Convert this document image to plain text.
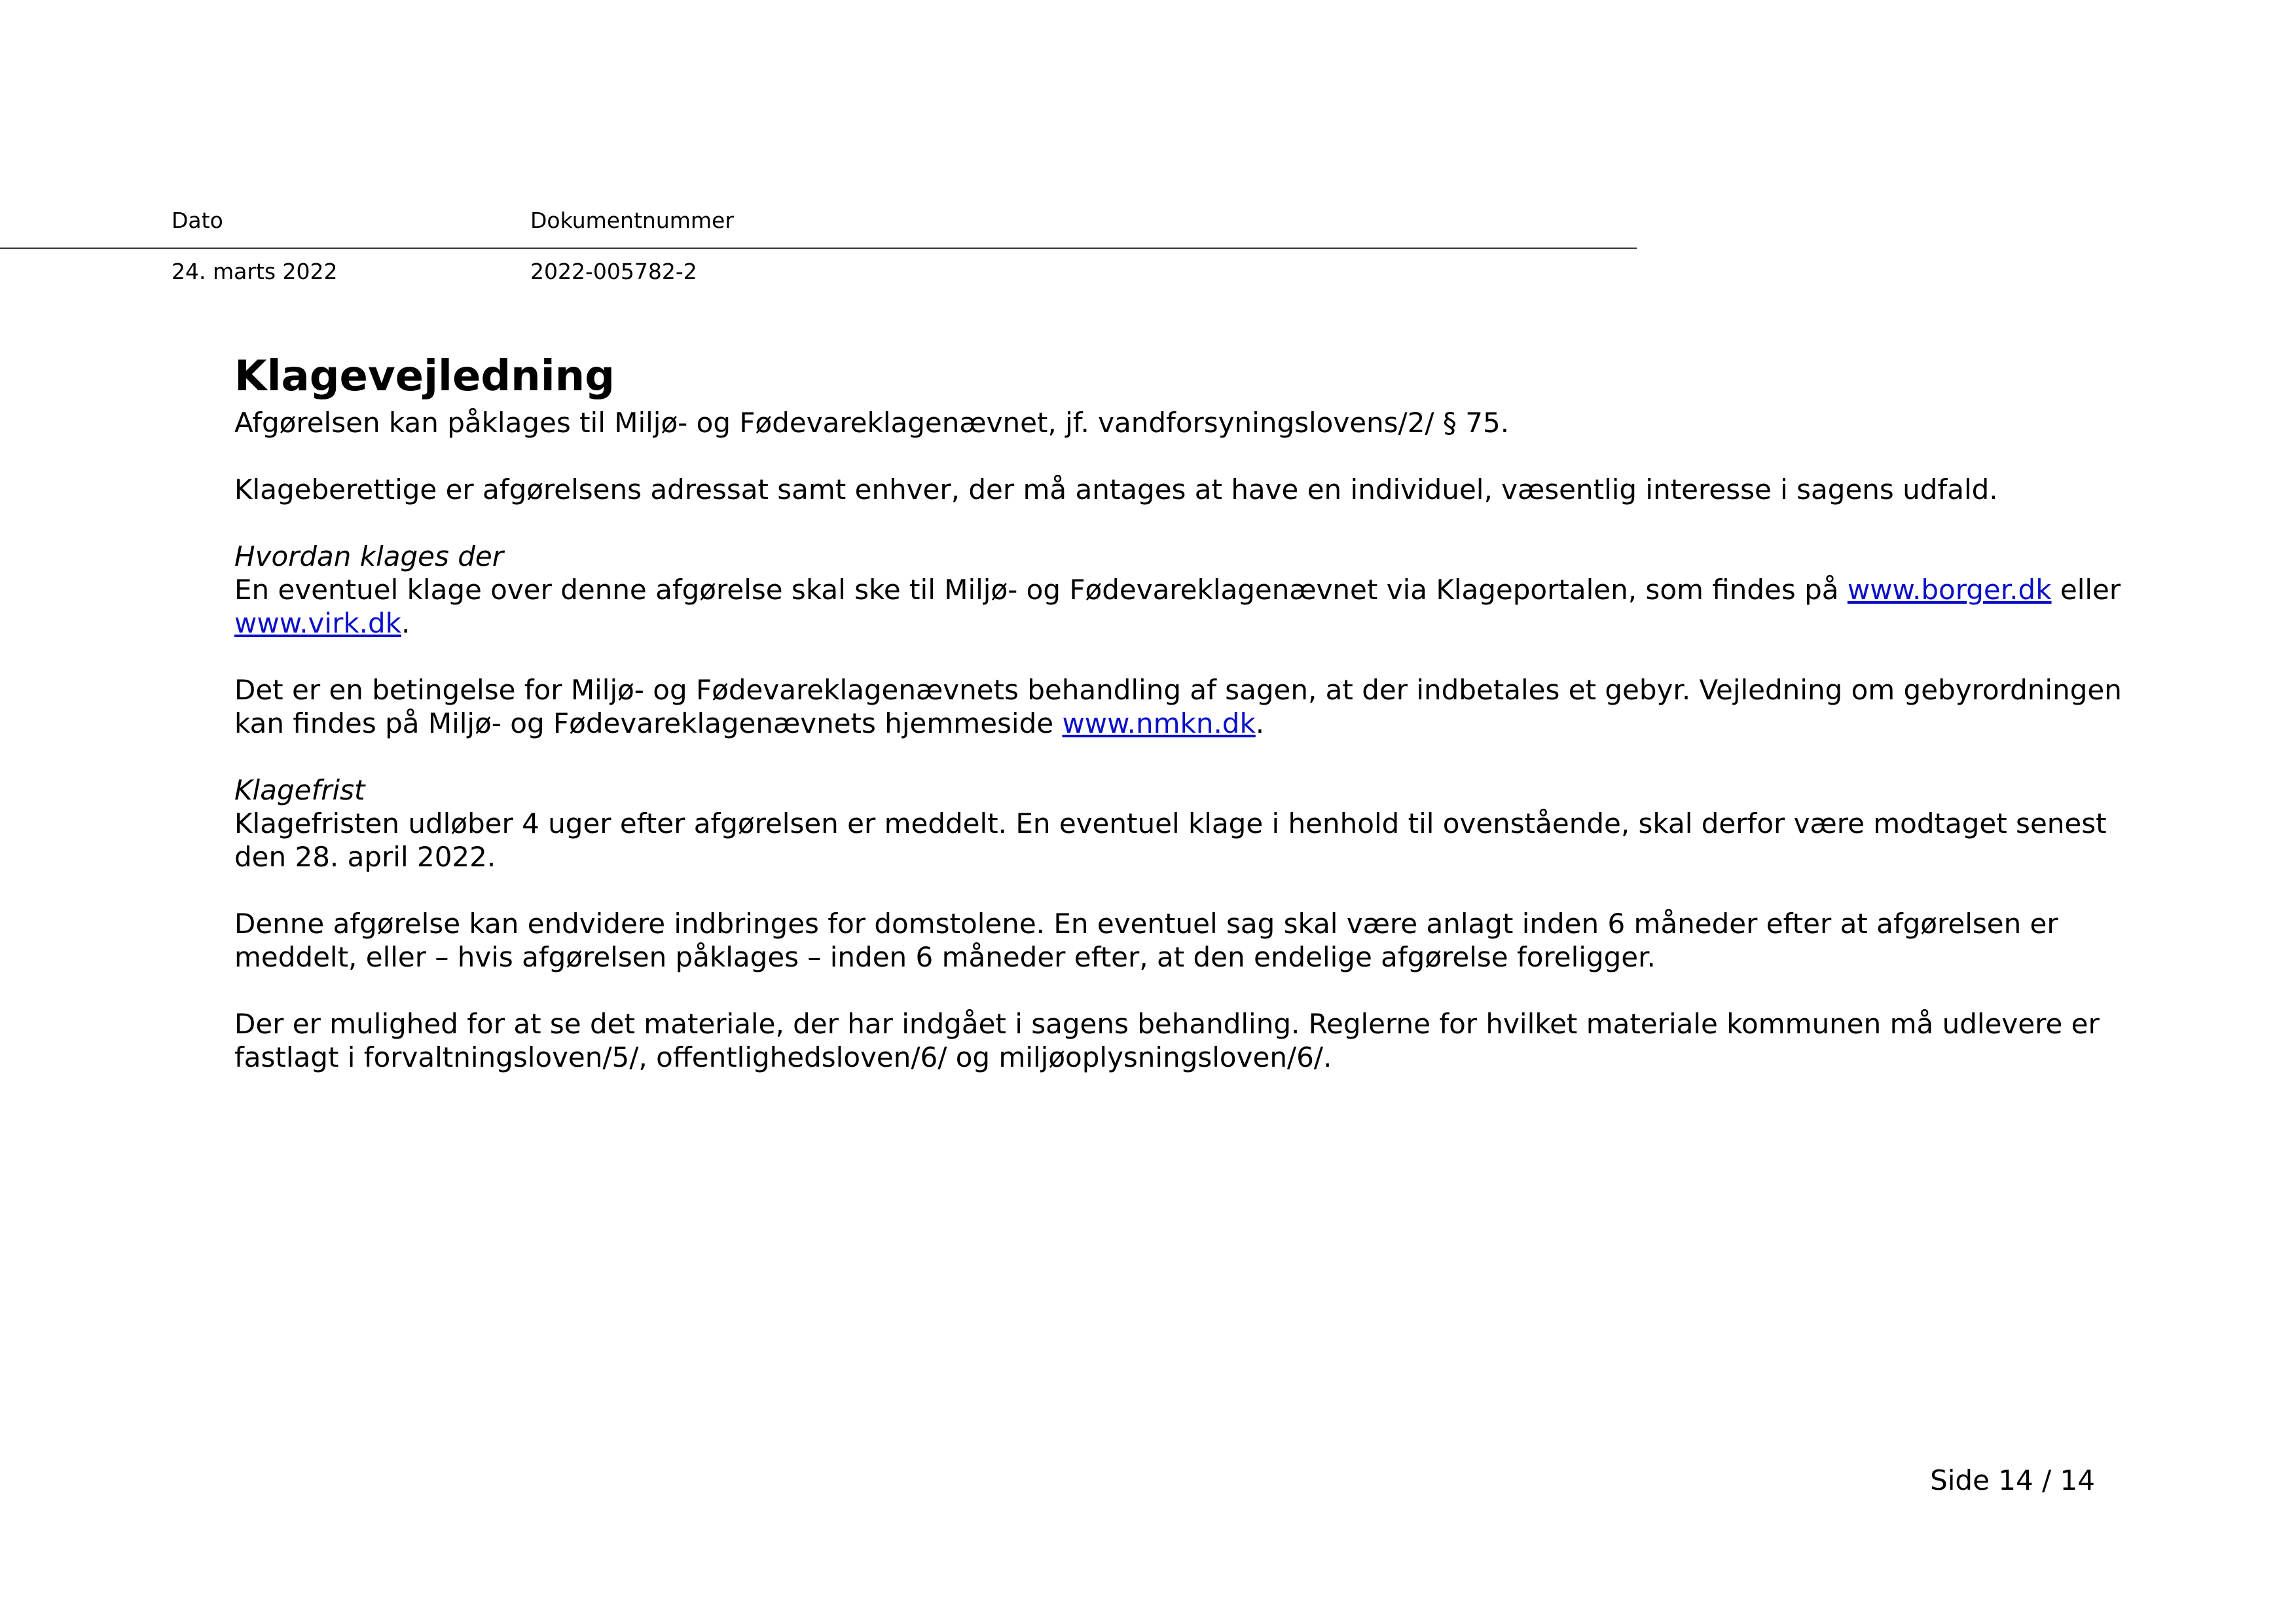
Dato	Dokumentnummer
24. marts 2022	2022-005782-2
Klagevejledning

Afgørelsen kan påklages til Miljø- og Fødevareklagenævnet, jf. vandforsyningslovens/2/ § 75.

Klageberettige er afgørelsens adressat samt enhver, der må antages at have en individuel, væsentlig interesse i sagens udfald.

Hvordan klages der
En eventuel klage over denne afgørelse skal ske til Miljø- og Fødevareklagenævnet via Klageportalen, som findes på www.borger.dk eller www.virk.dk.

Det er en betingelse for Miljø- og Fødevareklagenævnets behandling af sagen, at der indbetales et gebyr. Vejledning om gebyrordningen kan findes på Miljø- og Fødevareklagenævnets hjemmeside www.nmkn.dk.

Klagefrist
Klagefristen udløber 4 uger efter afgørelsen er meddelt. En eventuel klage i henhold til ovenstående, skal derfor være modtaget senest den 28. april 2022.

Denne afgørelse kan endvidere indbringes for domstolene. En eventuel sag skal være anlagt inden 6 måneder efter at afgørelsen er meddelt, eller – hvis afgørelsen påklages – inden 6 måneder efter, at den endelige afgørelse foreligger.

Der er mulighed for at se det materiale, der har indgået i sagens behandling. Reglerne for hvilket materiale kommunen må udlevere er fastlagt i forvaltningsloven/5/, offentlighedsloven/6/ og miljøoplysningsloven/6/.

Side 14 / 14
